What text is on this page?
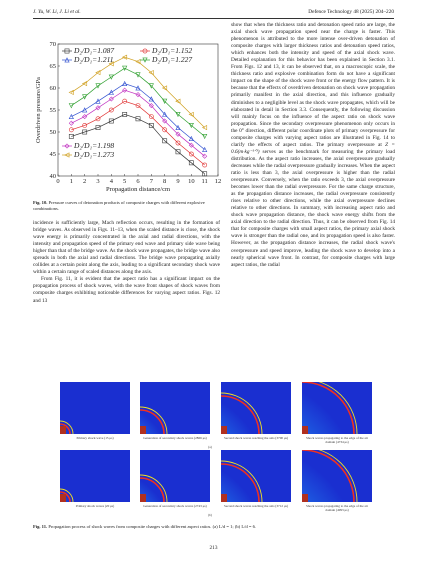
J. Yu, W. Li, J. Li et al.	Defence Technology 48 (2025) 204–220
0 1 2 3 4 5 6 7 8 9 10 11 12
40
45
50
55
60
65
70
Propagation distance/cm
Overdriven pressure/GPa
D₂/D₁=1.087	D₂/D₁=1.152
D₂/D₁=1.211	D₂/D₁=1.227
D₂/D₁=1.198
D₂/D₁=1.273
Fig. 10. Pressure curves of detonation products of composite charges with different explosive combinations.

incidence is sufficiently large, Mach reflection occurs, resulting in the formation of bridge waves. As observed in Figs. 11–13, when the scaled distance is close, the shock wave energy is primarily concentrated in the axial and radial directions, with the intensity and propagation speed of the primary end wave and primary side wave being higher than that of the bridge wave. As the shock wave propagates, the bridge wave also spreads in both the axial and radial directions. The bridge wave propagating axially collides at a certain point along the axis, leading to a significant secondary shock wave within a certain range of scaled distances along the axis.

From Fig. 11, it is evident that the aspect ratio has a significant impact on the propagation process of shock waves, with the wave front shapes of shock waves from composite charges exhibiting noticeable differences for varying aspect ratios. Figs. 12 and 13

show that when the thickness ratio and detonation speed ratio are large, the axial shock wave propagation speed near the charge is faster. This phenomenon is attributed to the more intense over-driven detonation of composite charges with larger thickness ratios and detonation speed ratios, which enhances both the intensity and speed of the axial shock wave. Detailed explanation for this behavior has been explained in Section 3.1. From Figs. 12 and 13, it can be observed that, on a macroscopic scale, the thickness ratio and explosive combination form do not have a significant impact on the shape of the shock wave front or the energy flow pattern. It is because that the effects of overdriven detonation on shock wave propagation primarily manifest in the axial direction, and this influence gradually diminishes to a negligible level as the shock wave propagates, which will be elaborated in detail in Section 3.3. Consequently, the following discussion will mainly focus on the influence of the aspect ratio on shock wave propagation. Since the secondary overpressure phenomenon only occurs in the 0° direction, different polar coordinate plots of primary overpressure for composite charges with varying aspect ratios are illustrated in Fig. 14 to clarify the effects of aspect ratios. The primary overpressure at Z = 0.6(m·kg⁻¹ᐟ³) serves as the benchmark for measuring the primary load distribution. As the aspect ratio increases, the axial overpressure gradually decreases while the radial overpressure gradually increases. When the aspect ratio is less than 3, the axial overpressure is higher than the radial overpressure. Conversely, when the ratio exceeds 3, the axial overpressure becomes lower than the radial overpressure. For the same charge structure, as the propagation distance increases, the radial overpressure consistently rises relative to other directions, while the axial overpressure declines relative to other directions. In summary, with increasing aspect ratio and shock wave propagation distance, the shock wave energy shifts from the axial direction to the radial direction. Thus, it can be observed from Fig. 14 that for composite charges with small aspect ratios, the primary axial shock wave is stronger than the radial one, and its propagation speed is also faster. However, as the propagation distance increases, the radial shock wave's overpressure and speed improve, leading the shock wave to develop into a nearly spherical wave front. In contrast, for composite charges with large aspect ratios, the radial

Primary shock wave (15 μs)	Generation of secondary shock waves (2866 μs)	Second shock waves reaching the axis (3700 μs)	Shock waves propagating to the edge of the air domain (4734 μs)
(a)
Primary shock waves (20 μs)	Generation of secondary shock waves (2743 μs)	Second shock waves reaching the axis (3712 μs)	Shock waves propagating to the edge of the air domain (4993 μs)
(b)
Fig. 11. Propagation process of shock waves from composite charges with different aspect ratios. (a) L/d = 1; (b) L/d = 6.
213
